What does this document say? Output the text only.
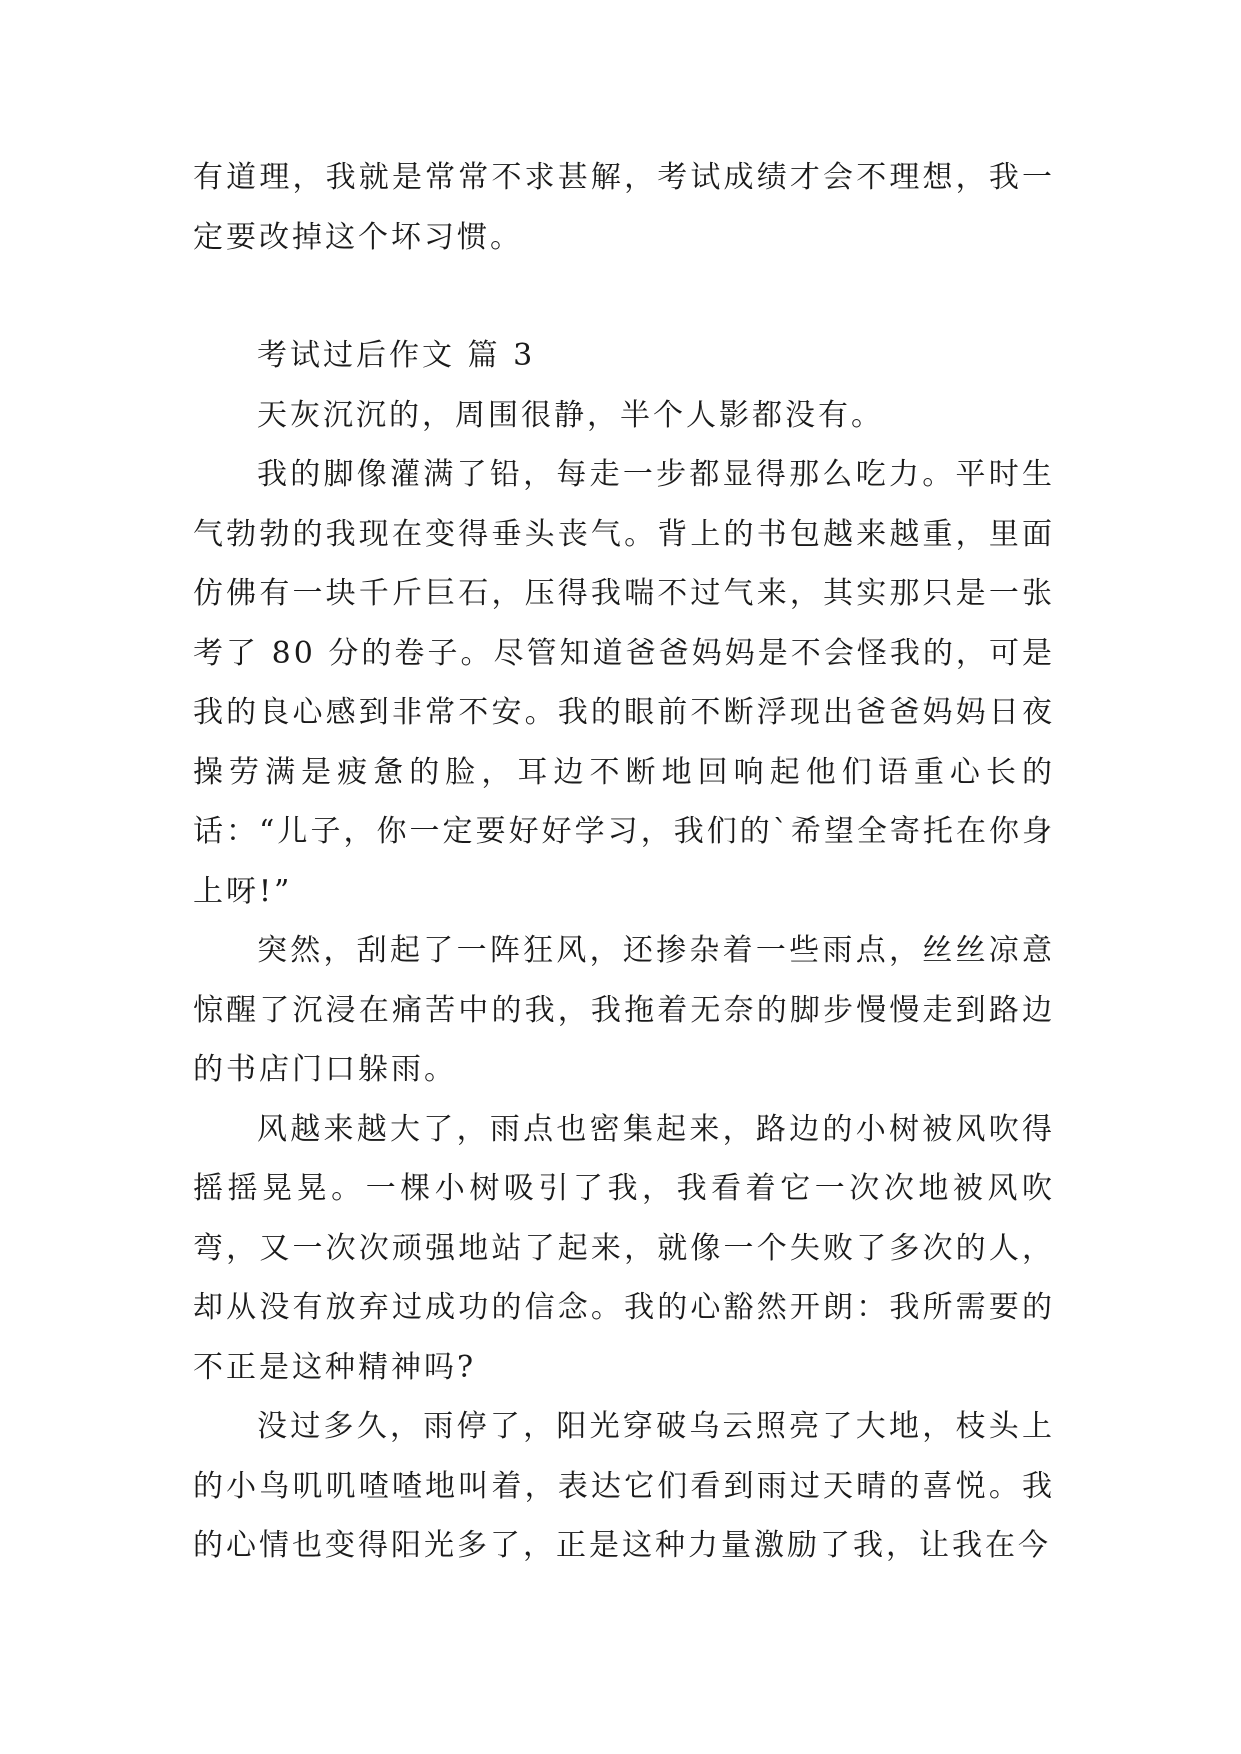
有道理，我就是常常不求甚解，考试成绩才会不理想，我一定要改掉这个坏习惯。

考试过后作文 篇 3

天灰沉沉的，周围很静，半个人影都没有。

我的脚像灌满了铅，每走一步都显得那么吃力。平时生气勃勃的我现在变得垂头丧气。背上的书包越来越重，里面仿佛有一块千斤巨石，压得我喘不过气来，其实那只是一张考了 80 分的卷子。尽管知道爸爸妈妈是不会怪我的，可是我的良心感到非常不安。我的眼前不断浮现出爸爸妈妈日夜操劳满是疲惫的脸，耳边不断地回响起他们语重心长的话：“儿子，你一定要好好学习，我们的`希望全寄托在你身上呀!”

突然，刮起了一阵狂风，还掺杂着一些雨点，丝丝凉意惊醒了沉浸在痛苦中的我，我拖着无奈的脚步慢慢走到路边的书店门口躲雨。

风越来越大了，雨点也密集起来，路边的小树被风吹得摇摇晃晃。一棵小树吸引了我，我看着它一次次地被风吹弯，又一次次顽强地站了起来，就像一个失败了多次的人，却从没有放弃过成功的信念。我的心豁然开朗：我所需要的不正是这种精神吗?

没过多久，雨停了，阳光穿破乌云照亮了大地，枝头上的小鸟叽叽喳喳地叫着，表达它们看到雨过天晴的喜悦。我的心情也变得阳光多了，正是这种力量激励了我，让我在今
